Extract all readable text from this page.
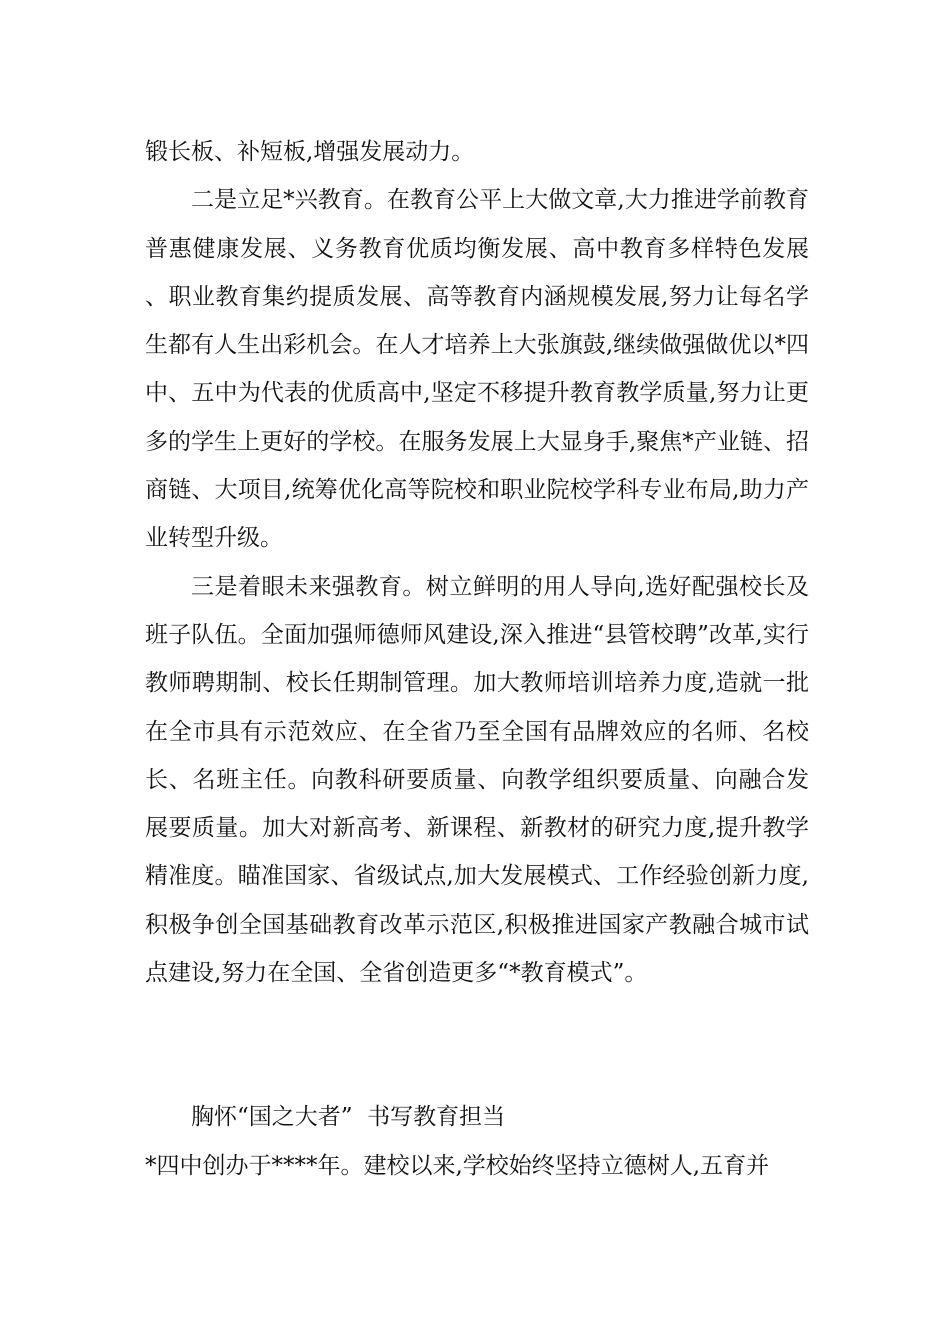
锻长板、补短板,增强发展动力。

二是立足*兴教育。在教育公平上大做文章,大力推进学前教育普惠健康发展、义务教育优质均衡发展、高中教育多样特色发展、职业教育集约提质发展、高等教育内涵规模发展,努力让每名学生都有人生出彩机会。在人才培养上大张旗鼓,继续做强做优以*四中、五中为代表的优质高中,坚定不移提升教育教学质量,努力让更多的学生上更好的学校。在服务发展上大显身手,聚焦*产业链、招商链、大项目,统筹优化高等院校和职业院校学科专业布局,助力产业转型升级。

三是着眼未来强教育。树立鲜明的用人导向,选好配强校长及班子队伍。全面加强师德师风建设,深入推进“县管校聘”改革,实行教师聘期制、校长任期制管理。加大教师培训培养力度,造就一批在全市具有示范效应、在全省乃至全国有品牌效应的名师、名校长、名班主任。向教科研要质量、向教学组织要质量、向融合发展要质量。加大对新高考、新课程、新教材的研究力度,提升教学精准度。瞄准国家、省级试点,加大发展模式、工作经验创新力度,积极争创全国基础教育改革示范区,积极推进国家产教融合城市试点建设,努力在全国、全省创造更多“*教育模式”。

胸怀“国之大者”  书写教育担当

*四中创办于****年。建校以来,学校始终坚持立德树人,五育并
